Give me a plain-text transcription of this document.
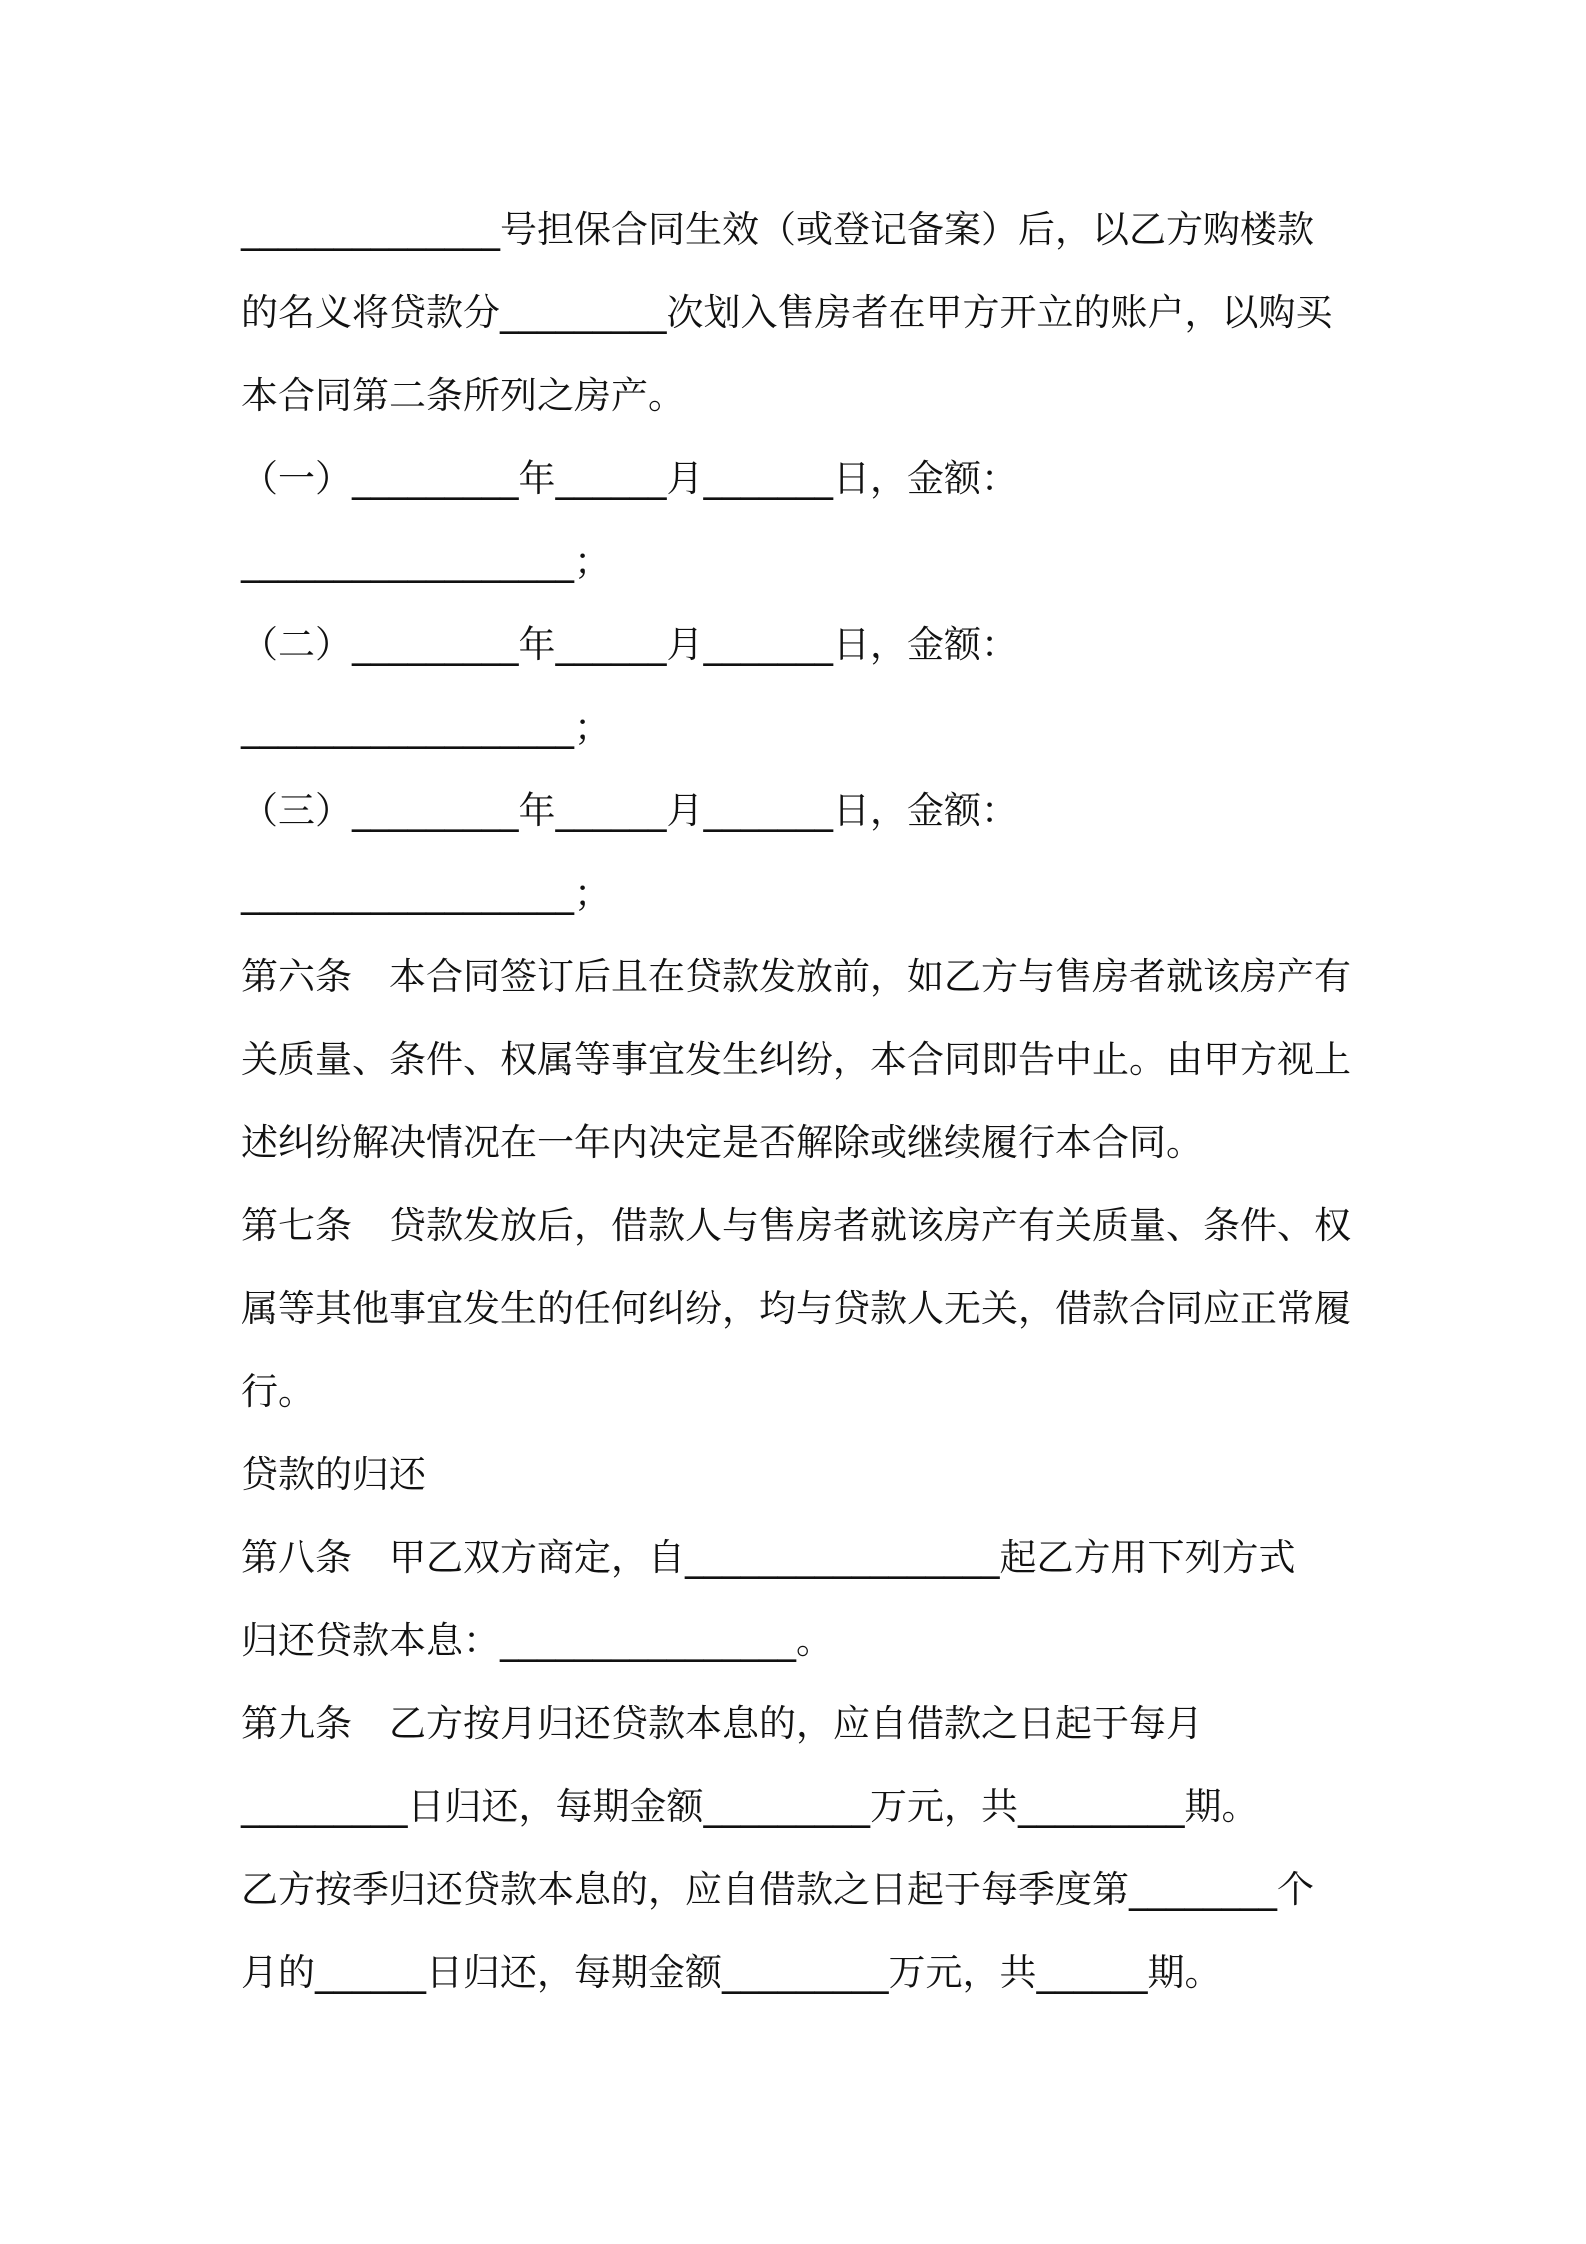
______________号担保合同生效（或登记备案）后，以乙方购楼款
的名义将贷款分_________次划入售房者在甲方开立的账户，以购买
本合同第二条所列之房产。
（一）_________年______月_______日，金额：
__________________；
（二）_________年______月_______日，金额：
__________________；
（三）_________年______月_______日，金额：
__________________；
第六条　本合同签订后且在贷款发放前，如乙方与售房者就该房产有
关质量、条件、权属等事宜发生纠纷，本合同即告中止。由甲方视上
述纠纷解决情况在一年内决定是否解除或继续履行本合同。
第七条　贷款发放后，借款人与售房者就该房产有关质量、条件、权
属等其他事宜发生的任何纠纷，均与贷款人无关，借款合同应正常履
行。
贷款的归还
第八条　甲乙双方商定，自_________________起乙方用下列方式
归还贷款本息：________________。
第九条　乙方按月归还贷款本息的，应自借款之日起于每月
_________日归还，每期金额_________万元，共_________期。
乙方按季归还贷款本息的，应自借款之日起于每季度第________个
月的______日归还，每期金额_________万元，共______期。
